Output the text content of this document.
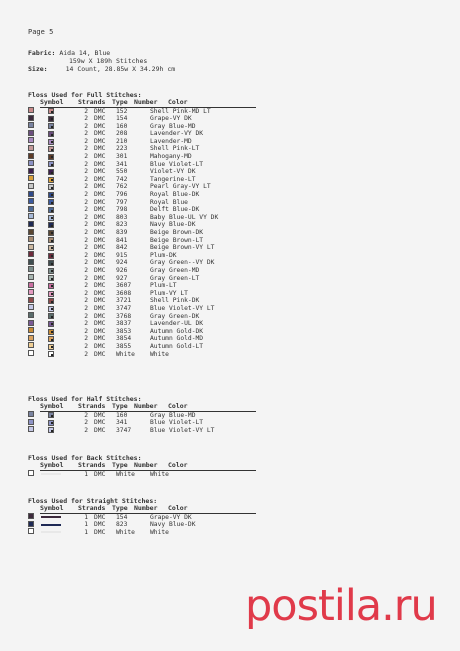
Page 5
Fabric: Aida 14, Blue
159w X 189h Stitches
Size:	14 Count, 28.85w X 34.29h cm
Floss Used for Full Stitches:
Symbol	Strands	Type Number	Color
2 DMC	152	Shell Pink-MD LT
2 DMC	154	Grape-VY DK
2 DMC	160	Gray Blue-MD
2 DMC	208	Lavender-VY DK
2 DMC	210	Lavender-MD
2 DMC	223	Shell Pink-LT
2 DMC	301	Mahogany-MD
2 DMC	341	Blue Violet-LT
2 DMC	550	Violet-VY DK
2 DMC	742	Tangerine-LT
2 DMC	762	Pearl Gray-VY LT
2 DMC	796	Royal Blue-DK
2 DMC	797	Royal Blue
2 DMC	798	Delft Blue-DK
2 DMC	803	Baby Blue-UL VY DK
2 DMC	823	Navy Blue-DK
2 DMC	839	Beige Brown-DK
2 DMC	841	Beige Brown-LT
2 DMC	842	Beige Brown-VY LT
2 DMC	915	Plum-DK
2 DMC	924	Gray Green--VY DK
2 DMC	926	Gray Green-MD
2 DMC	927	Gray Green-LT
2 DMC	3607	Plum-LT
2 DMC	3608	Plum-VY LT
2 DMC	3721	Shell Pink-DK
2 DMC	3747	Blue Violet-VY LT
2 DMC	3768	Gray Green-DK
2 DMC	3837	Lavender-UL DK
2 DMC	3853	Autumn Gold-DK
2 DMC	3854	Autumn Gold-MD
2 DMC	3855	Autumn Gold-LT
2 DMC	White	White
Floss Used for Half Stitches:
Symbol	Strands	Type Number	Color
2 DMC	160	Gray Blue-MD
2 DMC	341	Blue Violet-LT
2 DMC	3747	Blue Violet-VY LT
Floss Used for Back Stitches:
Symbol	Strands	Type Number	Color
1 DMC	White	White
Floss Used for Straight Stitches:
Symbol	Strands	Type Number	Color
1 DMC	154	Grape-VY DK
1 DMC	823	Navy Blue-DK
1 DMC	White	White
postila.ru
